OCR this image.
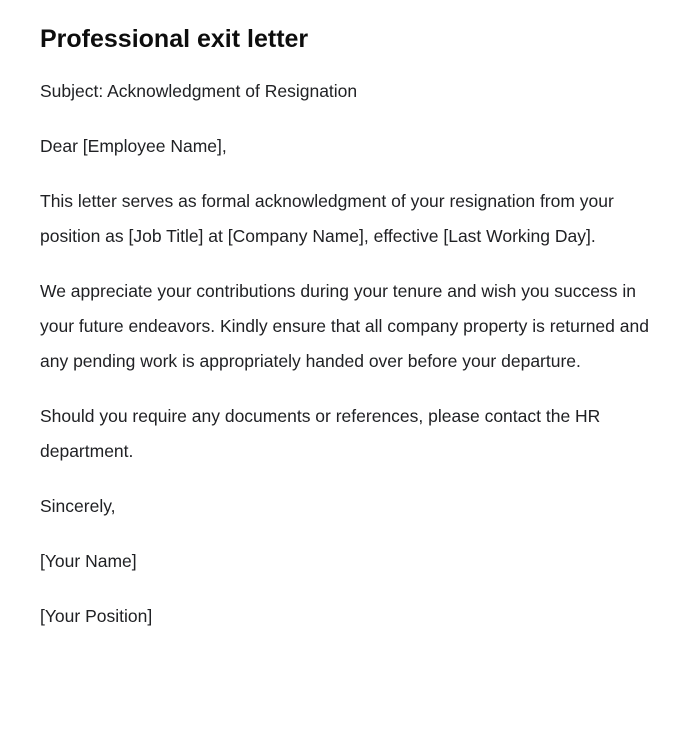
Professional exit letter

Subject: Acknowledgment of Resignation

Dear [Employee Name],

This letter serves as formal acknowledgment of your resignation from your position as [Job Title] at [Company Name], effective [Last Working Day].

We appreciate your contributions during your tenure and wish you success in your future endeavors. Kindly ensure that all company property is returned and any pending work is appropriately handed over before your departure.

Should you require any documents or references, please contact the HR department.

Sincerely,

[Your Name]

[Your Position]
